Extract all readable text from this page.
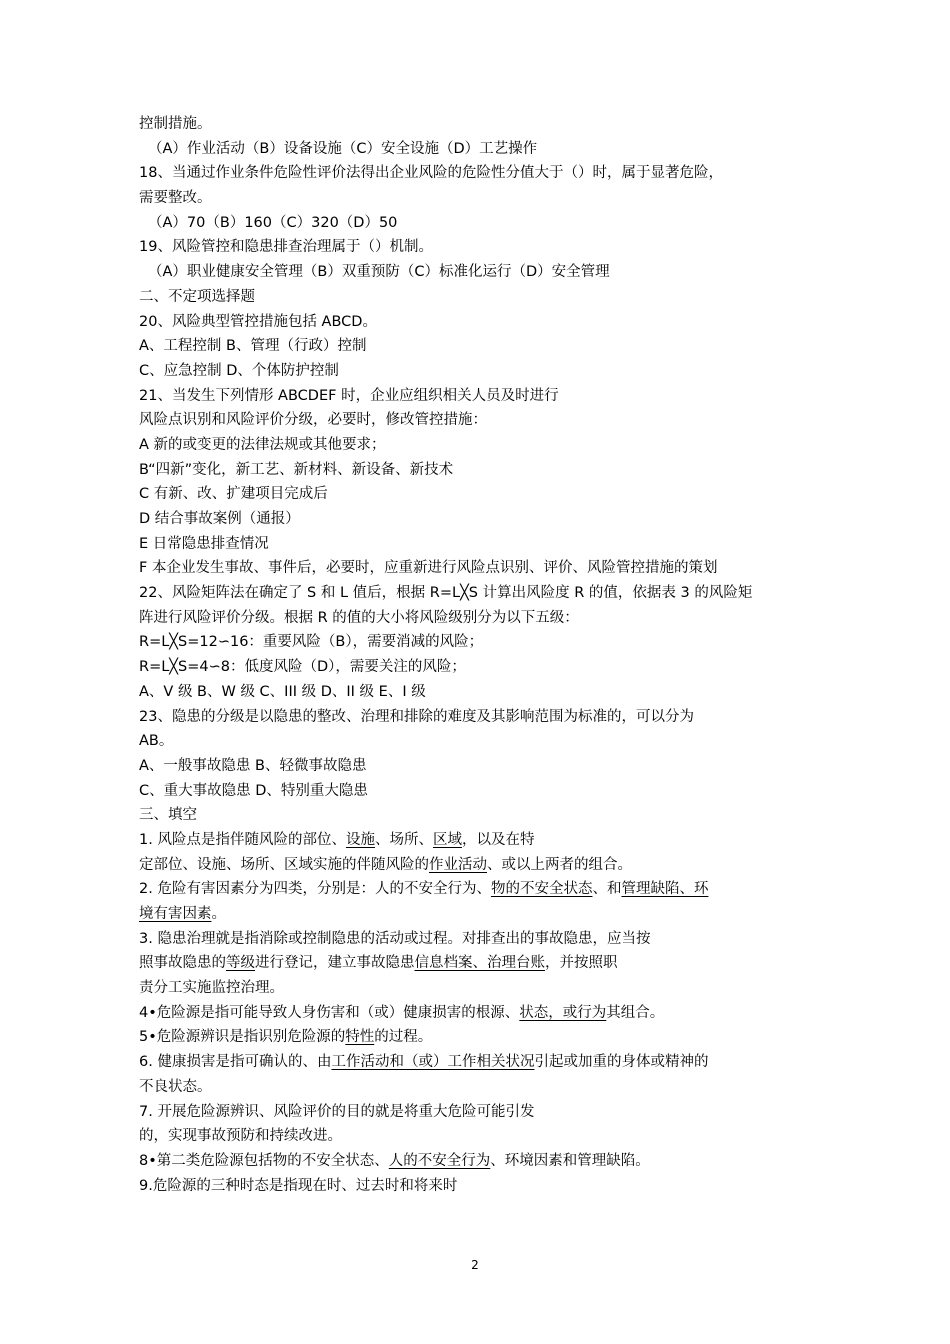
控制措施。
（A）作业活动（B）设备设施（C）安全设施（D）工艺操作
18、当通过作业条件危险性评价法得出企业风险的危险性分值大于（）时，属于显著危险，
需要整改。
（A）70（B）160（C）320（D）50
19、风险管控和隐患排查治理属于（）机制。
（A）职业健康安全管理（B）双重预防（C）标准化运行（D）安全管理
二、不定项选择题
20、风险典型管控措施包括 ABCD。
A、工程控制 B、管理（行政）控制
C、应急控制 D、个体防护控制
21、当发生下列情形 ABCDEF 时，企业应组织相关人员及时进行
风险点识别和风险评价分级，必要时，修改管控措施：
A 新的或变更的法律法规或其他要求；
B“四新”变化，新工艺、新材料、新设备、新技术
C 有新、改、扩建项目完成后
D 结合事故案例（通报）
E 日常隐患排查情况
F 本企业发生事故、事件后，必要时，应重新进行风险点识别、评价、风险管控措施的策划
22、风险矩阵法在确定了 S 和 L 值后，根据 R=L╳S 计算出风险度 R 的值，依据表 3 的风险矩
阵进行风险评价分级。根据 R 的值的大小将风险级别分为以下五级：
R=L╳S=12∽16：重要风险（B），需要消减的风险；
R=L╳S=4∽8：低度风险（D），需要关注的风险；
A、V 级 B、W 级 C、III 级 D、II 级 E、I 级
23、隐患的分级是以隐患的整改、治理和排除的难度及其影响范围为标准的，可以分为
AB。
A、一般事故隐患 B、轻微事故隐患
C、重大事故隐患 D、特别重大隐患
三、填空
1. 风险点是指伴随风险的部位、设施、场所、区域，以及在特
定部位、设施、场所、区域实施的伴随风险的作业活动、或以上两者的组合。
2. 危险有害因素分为四类，分别是：人的不安全行为、物的不安全状态、和管理缺陷、环
境有害因素。
3. 隐患治理就是指消除或控制隐患的活动或过程。对排查出的事故隐患，应当按
照事故隐患的等级进行登记，建立事故隐患信息档案、治理台账，并按照职
责分工实施监控治理。
4•危险源是指可能导致人身伤害和（或）健康损害的根源、状态，或行为其组合。
5•危险源辨识是指识别危险源的特性的过程。
6. 健康损害是指可确认的、由工作活动和（或）工作相关状况引起或加重的身体或精神的
不良状态。
7. 开展危险源辨识、风险评价的目的就是将重大危险可能引发
的，实现事故预防和持续改进。
8•第二类危险源包括物的不安全状态、人的不安全行为、环境因素和管理缺陷。
9.危险源的三种时态是指现在时、过去时和将来时
2
